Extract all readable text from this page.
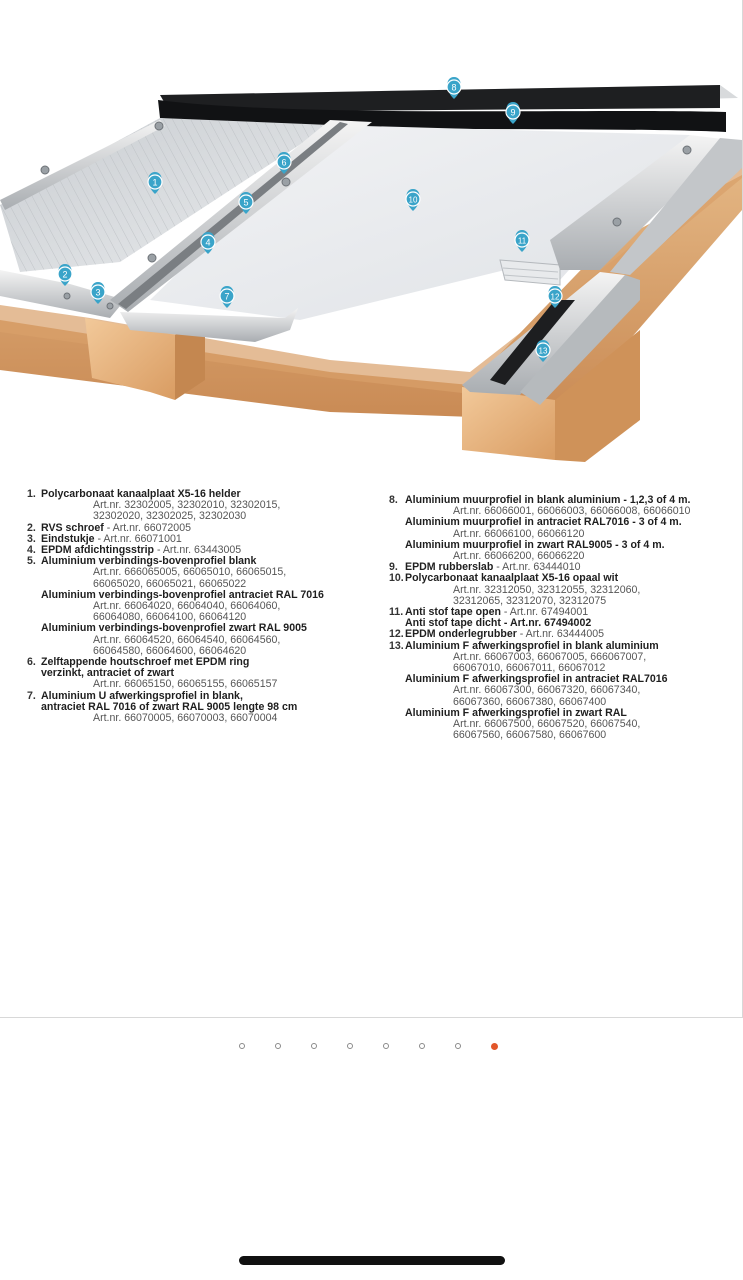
8
9
6
1
10
5
4	11
2
3	7	12
13
1. Polycarbonaat kanaalplaat X5-16 helder
Art.nr. 32302005, 32302010, 32302015,
32302020, 32302025, 32302030
2. RVS schroef - Art.nr. 66072005
3. Eindstukje - Art.nr. 66071001
4. EPDM afdichtingsstrip - Art.nr. 63443005
5. Aluminium verbindings-bovenprofiel blank
Art.nr. 666065005, 66065010, 66065015,
66065020, 66065021, 66065022
Aluminium verbindings-bovenprofiel antraciet RAL 7016
Art.nr. 66064020, 66064040, 66064060,
66064080, 66064100, 66064120
Aluminium verbindings-bovenprofiel zwart RAL 9005
Art.nr. 66064520, 66064540, 66064560,
66064580, 66064600, 66064620
6. Zelftappende houtschroef met EPDM ring
verzinkt, antraciet of zwart
Art.nr. 66065150, 66065155, 66065157
7. Aluminium U afwerkingsprofiel in blank,
antraciet RAL 7016 of zwart RAL 9005 lengte 98 cm
Art.nr. 66070005, 66070003, 66070004
8. Aluminium muurprofiel in blank aluminium - 1,2,3 of 4 m.
Art.nr. 66066001, 66066003, 66066008, 66066010
Aluminium muurprofiel in antraciet RAL7016 - 3 of 4 m.
Art.nr. 66066100, 66066120
Aluminium muurprofiel in zwart RAL9005 - 3 of 4 m.
Art.nr. 66066200, 66066220
9. EPDM rubberslab - Art.nr. 63444010
10.Polycarbonaat kanaalplaat X5-16 opaal wit
Art.nr. 32312050, 32312055, 32312060,
32312065, 32312070, 32312075
11. Anti stof tape open - Art.nr. 67494001
Anti stof tape dicht - Art.nr. 67494002
12.EPDM onderlegrubber - Art.nr. 63444005
13.Aluminium F afwerkingsprofiel in blank aluminium
Art.nr. 66067003, 66067005, 666067007,
66067010, 66067011, 66067012
Aluminium F afwerkingsprofiel in antraciet RAL7016
Art.nr. 66067300, 66067320, 66067340,
66067360, 66067380, 66067400
Aluminium F afwerkingsprofiel in zwart RAL
Art.nr. 66067500, 66067520, 66067540,
66067560, 66067580, 66067600
